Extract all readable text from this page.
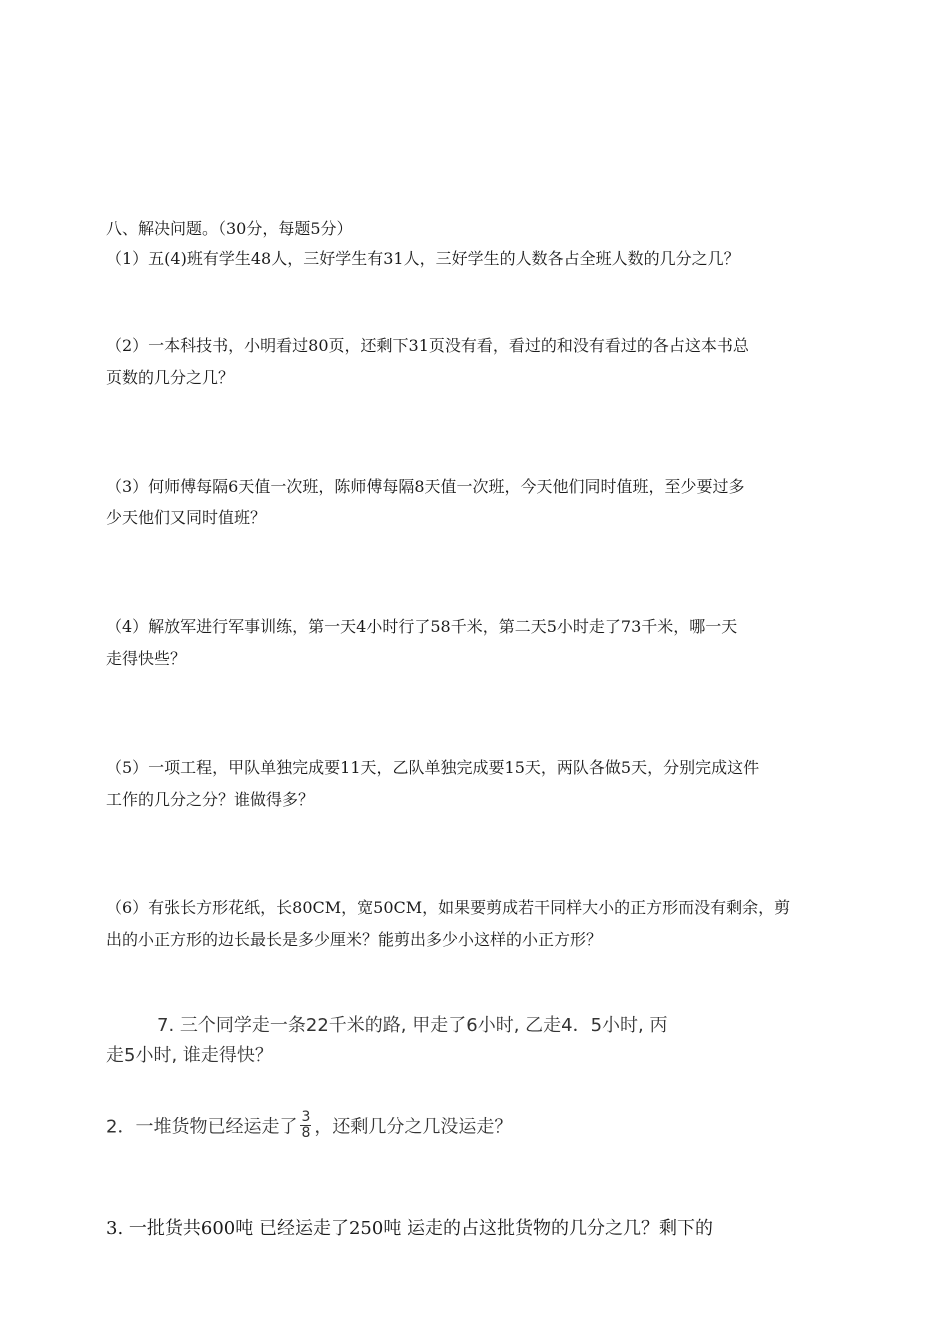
八、解决问题。（30分，每题5分）
（1）五(4)班有学生48人，三好学生有31人，三好学生的人数各占全班人数的几分之几？
（2）一本科技书，小明看过80页，还剩下31页没有看，看过的和没有看过的各占这本书总
页数的几分之几？
（3）何师傅每隔6天值一次班，陈师傅每隔8天值一次班，今天他们同时值班，至少要过多
少天他们又同时值班？
（4）解放军进行军事训练，第一天4小时行了58千米，第二天5小时走了73千米，哪一天
走得快些？
（5）一项工程，甲队单独完成要11天，乙队单独完成要15天，两队各做5天，分别完成这件
工作的几分之分？谁做得多？
（6）有张长方形花纸，长80CM，宽50CM，如果要剪成若干同样大小的正方形而没有剩余，剪
出的小正方形的边长最长是多少厘米？能剪出多少小这样的小正方形？
7. 三个同学走一条22千米的路, 甲走了6小时, 乙走4．5小时, 丙
走5小时, 谁走得快？
2．一堆货物已经运走了 $\frac{3}{8}$ ，还剩几分之几没运走？
3. 一批货共600吨 已经运走了250吨 运走的占这批货物的几分之几？剩下的
